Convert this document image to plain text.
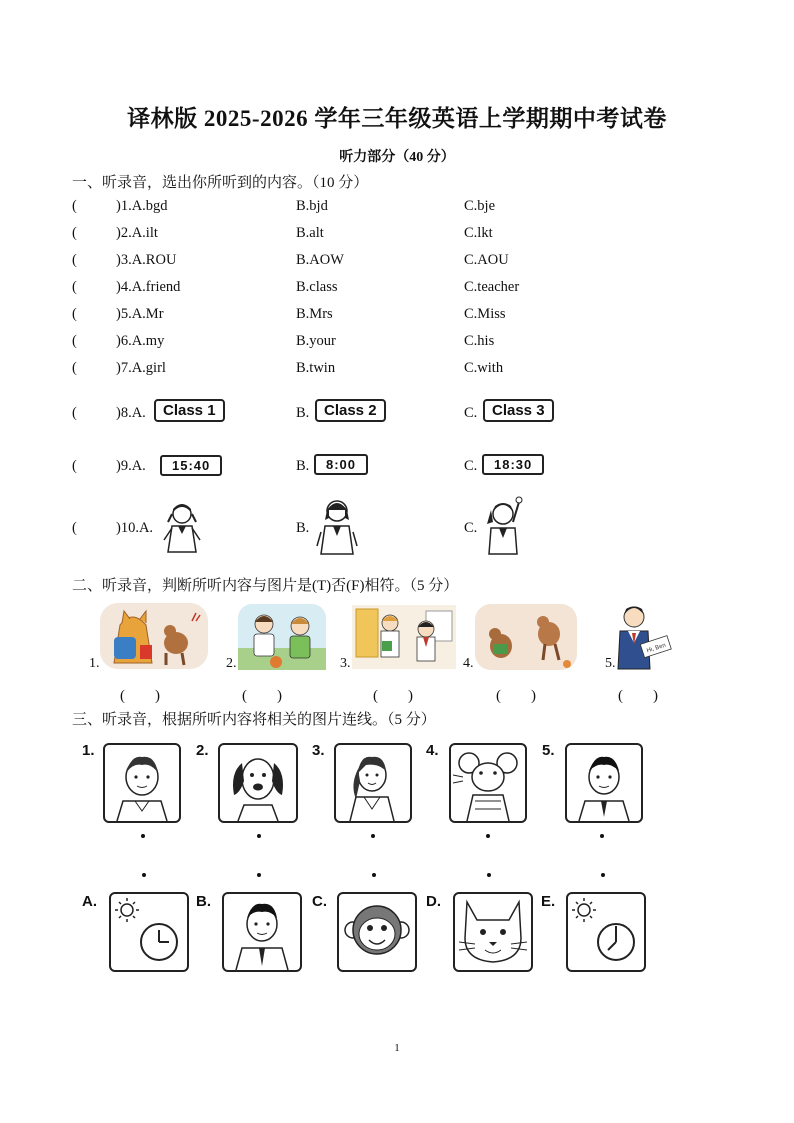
译林版 2025-2026 学年三年级英语上学期期中考试卷
听力部分（40 分）
一、听录音，选出你所听到的内容。（10 分）
(	)1.A.bgd	B.bjd	C.bje
(	)2.A.ilt	B.alt	C.lkt
(	)3.A.ROU	B.AOW	C.AOU
(	)4.A.friend	B.class	C.teacher
(	)5.A.Mr	B.Mrs	C.Miss
(	)6.A.my	B.your	C.his
(	)7.A.girl	B.twin	C.with
(	)8.A.	Class 1	B. Class 2	C. Class 3
(	)9.A.	15:40	B.	8:00	C.	18:30
(	)10.A.	B.	C.
二、听录音，判断所听内容与图片是(T)否(F)相符。（5 分）
1.	2.	3.	4.	5.
Hi, Ben
(　　)	(　　)	(　　)	(　　)	(　　)
三、听录音，根据所听内容将相关的图片连线。（5 分）
1.	2.	3.	4.	5.
A.	B.	C.	D.	E.
1
